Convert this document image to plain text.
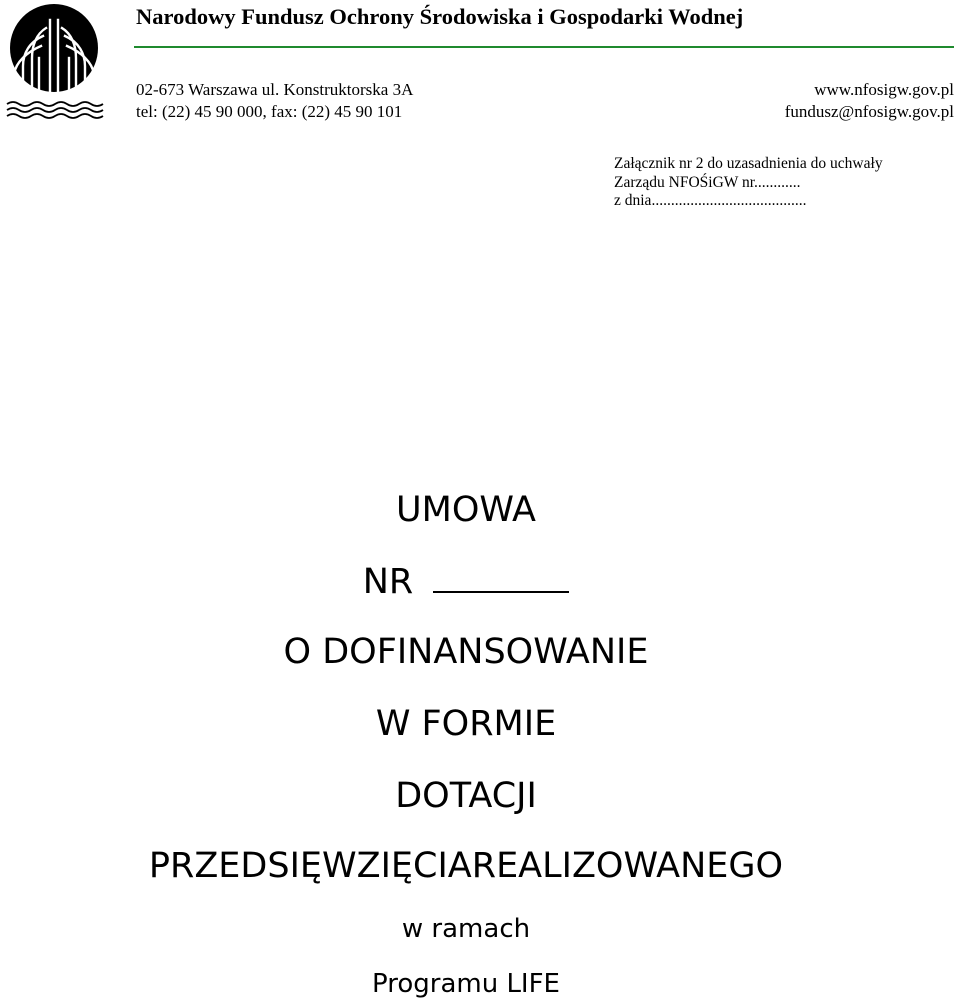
Narodowy Fundusz Ochrony Środowiska i Gospodarki Wodnej
02-673 Warszawa ul. Konstruktorska 3A
tel: (22) 45 90 000, fax: (22) 45 90 101
www.nfosigw.gov.pl
fundusz@nfosigw.gov.pl
Załącznik nr 2 do uzasadnienia do uchwały
Zarządu NFOŚiGW nr............
z dnia........................................
UMOWA
NR
O DOFINANSOWANIE
W FORMIE
DOTACJI
PRZEDSIĘWZIĘCIAREALIZOWANEGO
w ramach
Programu LIFE
